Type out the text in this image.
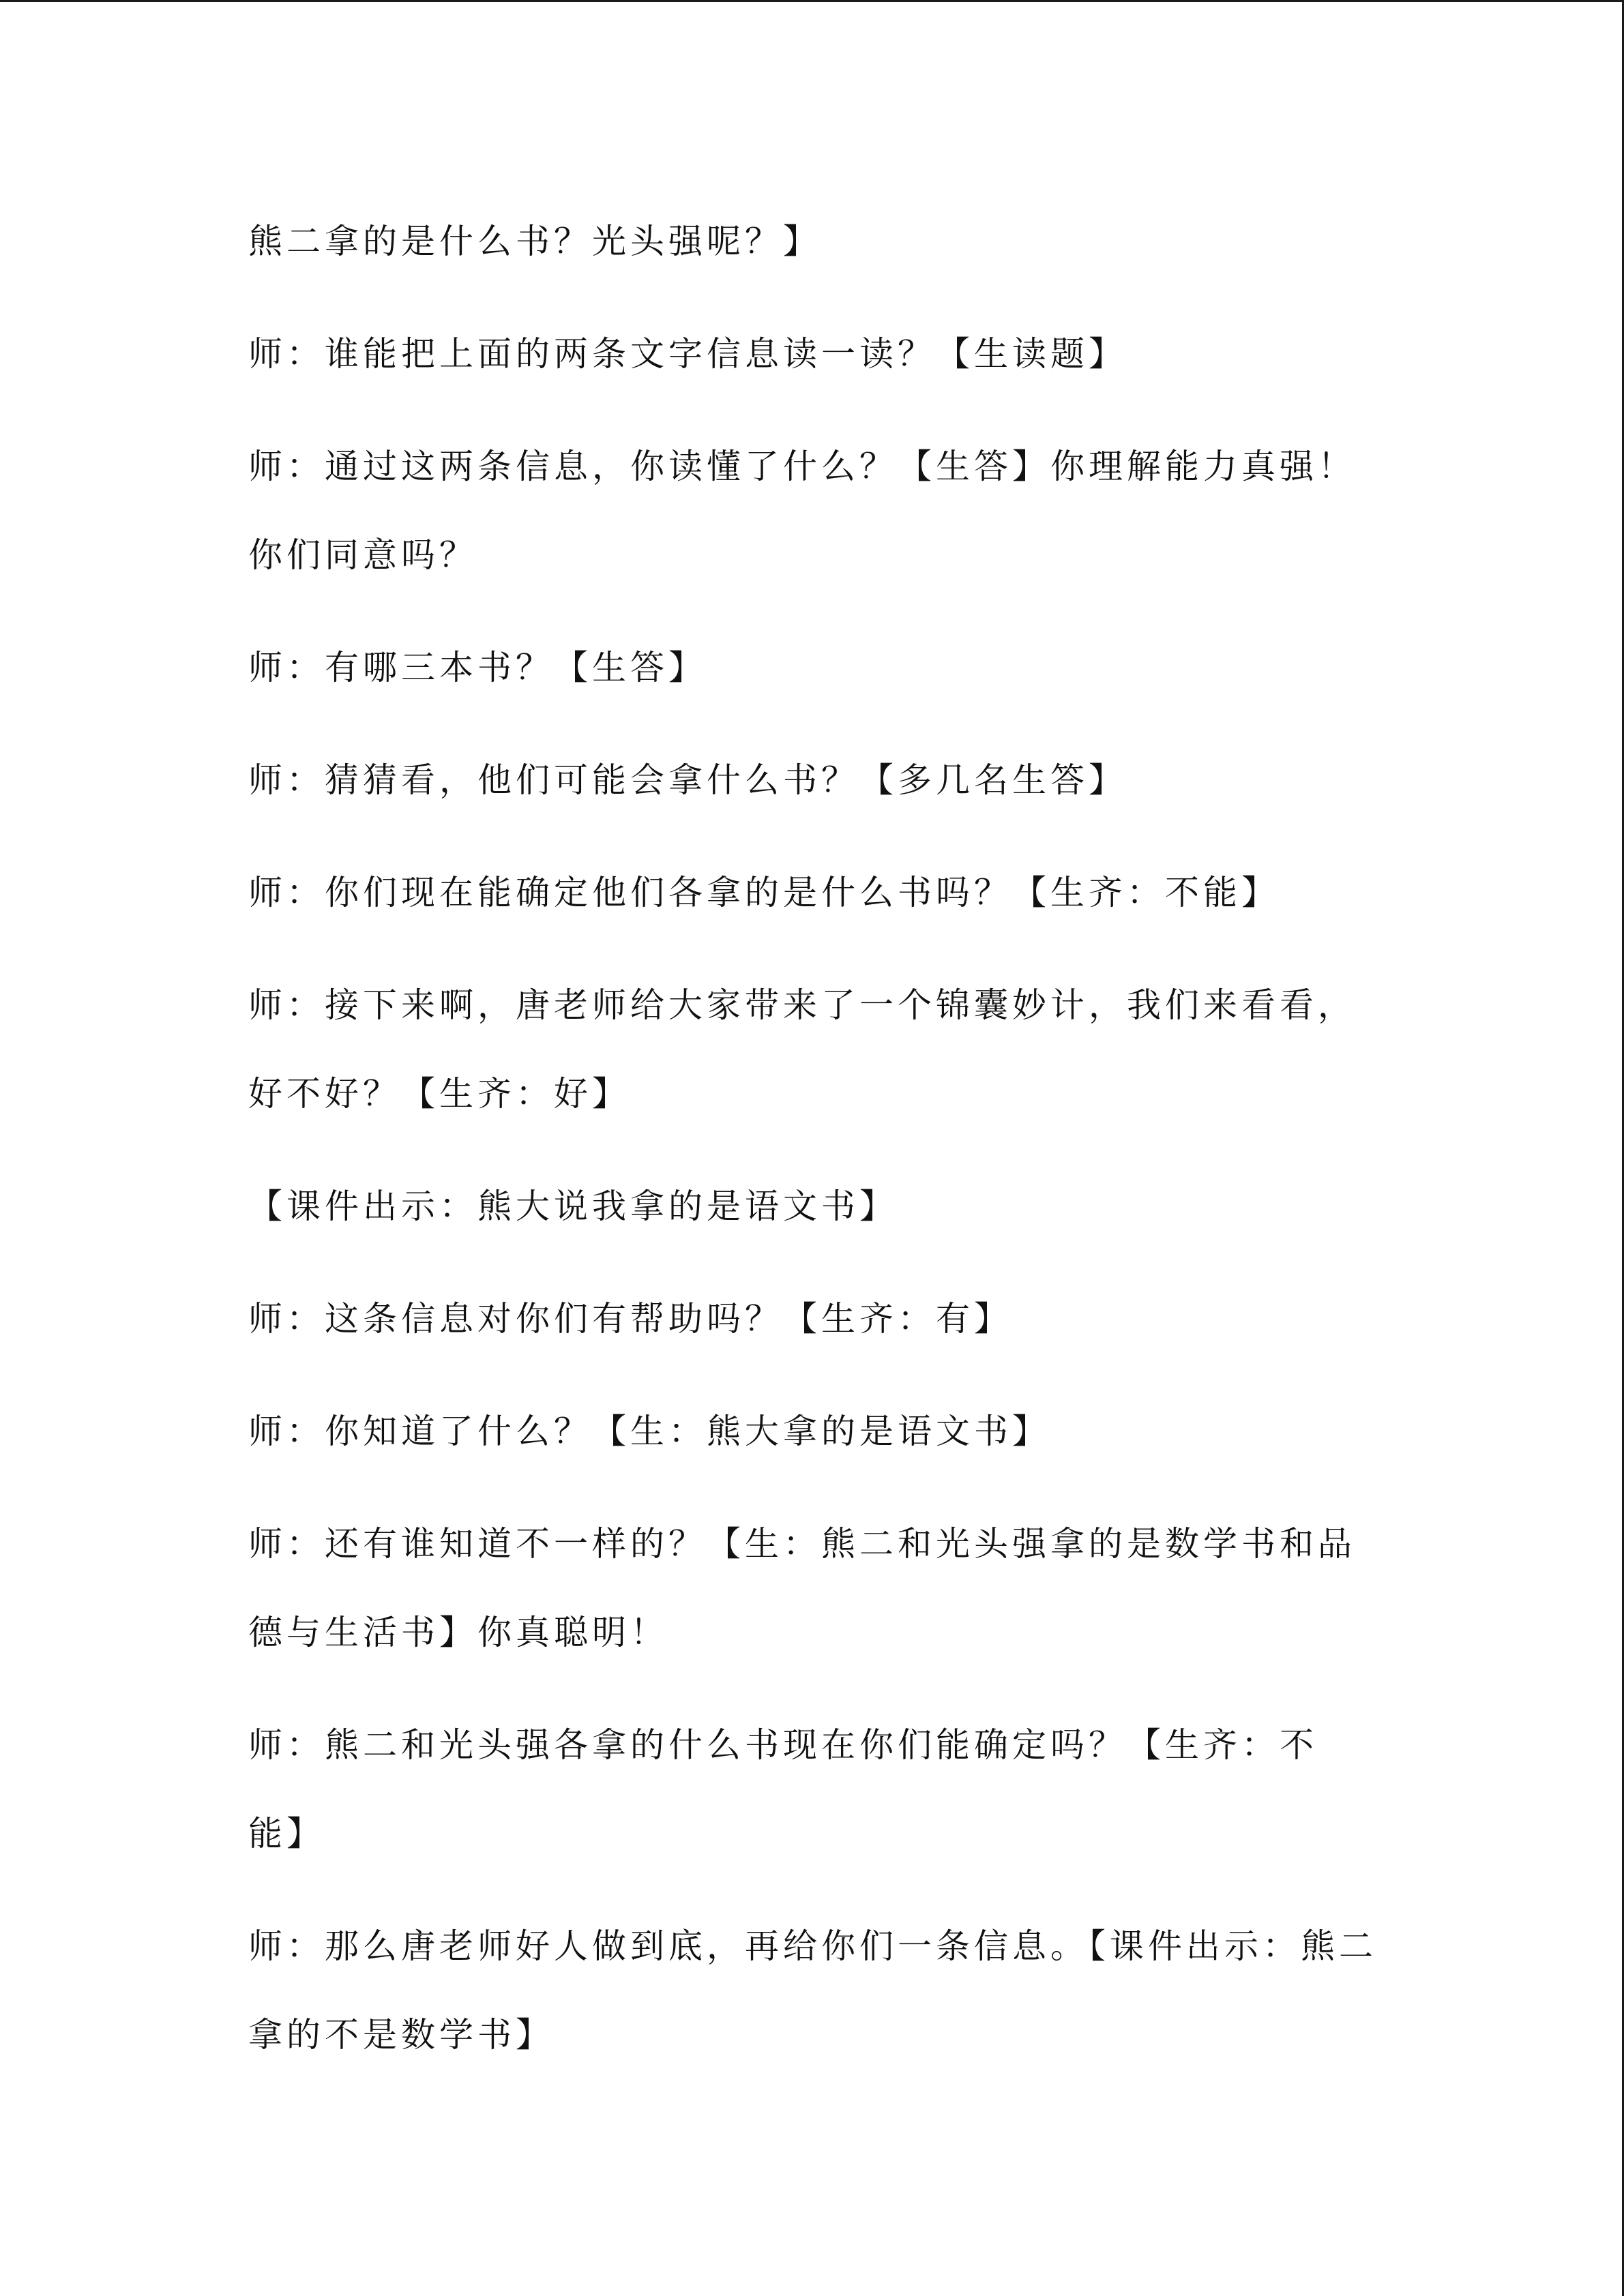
熊二拿的是什么书？光头强呢？】

师：谁能把上面的两条文字信息读一读？【生读题】

师：通过这两条信息，你读懂了什么？【生答】你理解能力真强！
你们同意吗？

师：有哪三本书？【生答】

师：猜猜看，他们可能会拿什么书？【多几名生答】

师：你们现在能确定他们各拿的是什么书吗？【生齐：不能】

师：接下来啊，唐老师给大家带来了一个锦囊妙计，我们来看看，
好不好？【生齐：好】

【课件出示：熊大说我拿的是语文书】

师：这条信息对你们有帮助吗？【生齐：有】

师：你知道了什么？【生：熊大拿的是语文书】

师：还有谁知道不一样的？【生：熊二和光头强拿的是数学书和品
德与生活书】你真聪明！

师：熊二和光头强各拿的什么书现在你们能确定吗？【生齐：不
能】

师：那么唐老师好人做到底，再给你们一条信息。【课件出示：熊二
拿的不是数学书】
